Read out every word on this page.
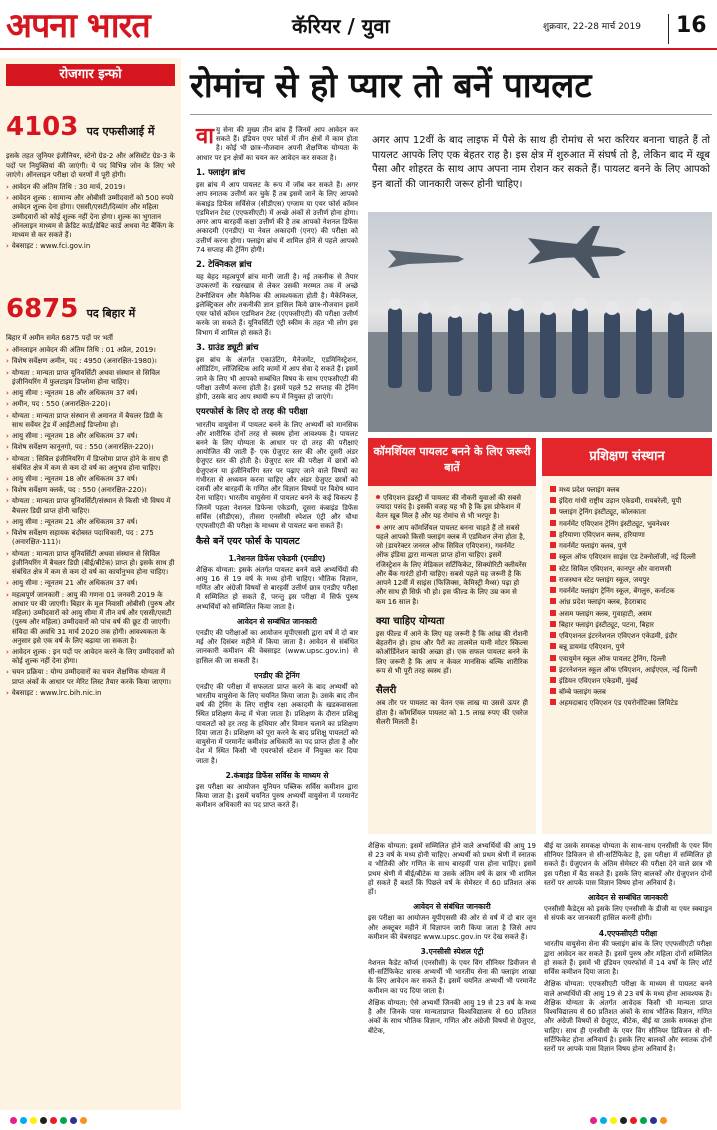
अपना भारत	कॅरियर / युवा	शुक्रवार, 22-28 मार्च 2019 16
रोजगार इन्फो
4103 पद एफसीआई में

इसके तहत जुनियर इंजीनियर, स्टेनो ग्रेड-2 और असिस्टेंट ग्रेड-3 के पदों पर नियुक्तियां की जाएंगी। ये पद विभिन्न जोन के लिए भरे जाएंगे। ऑनलाइन परीक्षा दो चरणों में पूरी होगी।

› आवेदन की अंतिम तिथि : 30 मार्च, 2019।
› आवेदन शुल्क : सामान्य और ओबीसी उम्मीदवारों को 500 रुपये आवेदन शुल्क देना होगा। एससी/एसटी/दिव्यांग और महिला उम्मीदवारों को कोई शुल्क नहीं देना होगा। शुल्क का भुगतान ऑनलाइन माध्यम से क्रेडिट कार्ड/डेबिट कार्ड अथवा नेट बैंकिंग के माध्यम से कर सकते हैं।
› वेबसाइट : www.fci.gov.in
6875 पद बिहार में

बिहार में अमीन समेत 6875 पदों पर भर्ती

› ऑनलाइन आवेदन की अंतिम तिथि : 01 अप्रैल, 2019।
› विशेष सर्वेक्षण अमीन, पद : 4950 (अनारक्षित-1980)।
› योग्यता : मान्यता प्राप्त यूनिवर्सिटी अथवा संस्थान से सिविल इंजीनियरिंग में फुलटाइम डिप्लोमा होना चाहिए।
› आयु सीमा : न्यूनतम 18 और अधिकतम 37 वर्ष।
› अमीन, पद : 550 (अनारक्षित-220)।
› योग्यता : मान्यता प्राप्त संस्थान से अमानत में बैचलर डिग्री के साथ सर्वेयर ट्रेड में आईटीआई डिप्लोमा हो।
› आयु सीमा : न्यूनतम 18 और अधिकतम 37 वर्ष।
› विशेष सर्वेक्षण कानूनगो, पद : 550 (अनारक्षित-220)।
› योग्यता : सिविल इंजीनियरिंग में डिप्लोमा प्राप्त होने के साथ ही संबंधित क्षेत्र में कम से कम दो वर्ष का अनुभव होना चाहिए।
› आयु सीमा : न्यूनतम 18 और अधिकतम 37 वर्ष।
› विशेष सर्वेक्षण क्लर्क, पद : 550 (अनारक्षित-220)।
› योग्यता : मान्यता प्राप्त यूनिवर्सिटी/संस्थान से किसी भी विषय में बैचलर डिग्री प्राप्त होनी चाहिए।
› आयु सीमा : न्यूनतम 21 और अधिकतम 37 वर्ष।
› विशेष सर्वेक्षण सहायक बंदोबस्त पदाधिकारी, पद : 275 (अनारक्षित-111)।
› योग्यता : मान्यता प्राप्त यूनिवर्सिटी अथवा संस्थान से सिविल इंजीनियरिंग में बैचलर डिग्री (बीई/बीटेक) प्राप्त हो। इसके साथ ही संबंधित क्षेत्र में कम से कम दो वर्ष का कार्यानुभव होना चाहिए।
› आयु सीमा : न्यूनतम 21 और अधिकतम 37 वर्ष।
› महत्वपूर्ण जानकारी : आयु की गणना 01 जनवरी 2019 के आधार पर की जाएगी। बिहार के मूल निवासी ओबीसी (पुरुष और महिला) उम्मीदवारों को आयु सीमा में तीन वर्ष और एससी/एसटी (पुरुष और महिला) उम्मीदवारों को पांच वर्ष की छूट दी जाएगी। संविदा की अवधि 31 मार्च 2020 तक होगी। आवश्यकता के अनुसार इसे एक वर्ष के लिए बढ़ाया जा सकता है।
› आवेदन शुल्क : इन पदों पर आवेदन करने के लिए उम्मीदवारों को कोई शुल्क नहीं देना होगा।
› चयन प्रक्रिया : योग्य उम्मीदवारों का चयन शैक्षणिक योग्यता में प्राप्त अंकों के आधार पर मेरिट लिस्ट तैयार करके किया जाएगा।
› वेबसाइट : www.lrc.bih.nic.in
रोमांच से हो प्यार तो बनें पायलट

वायु सेना की मुख्य तीन ब्रांच हैं जिनमें आप आवेदन कर सकते हैं। इंडियन एयर फोर्स में तीन क्षेत्रों में काम होता है। कोई भी छात्र-नौजवान अपनी शैक्षणिक योग्यता के आधार पर इन क्षेत्रों का चयन कर आवेदन कर सकता है।

1. फ्लाइंग ब्रांच

इस ब्रांच में आप पायलट के रूप में जॉब कर सकते हैं। अगर आप स्नातक उत्तीर्ण कर चुके हैं तब इसमें जाने के लिए आपको कंबाइंड डिफेंस सर्विसेज (सीडीएस) एग्जाम या एयर फोर्स कॉमन एडमिशन टेस्ट (एएफसीएटी) में अच्छे अंकों से उत्तीर्ण होना होगा। अगर आप बारहवीं कक्षा उत्तीर्ण की है तब आपको नेशनल डिफेंस अकादमी (एनडीए) या नेवल अकादमी (एनए) की परीक्षा को उत्तीर्ण करना होगा। फ्लाइंग ब्रांच में शामिल होने से पहले आपको 74 सप्ताह की ट्रेनिंग होगी।

2. टेक्निकल ब्रांच

यह बेहद महत्वपूर्ण ब्रांच मानी जाती है। नई तकनीक से तैयार उपकरणों के रखरखाव से लेकर उसकी मरम्मत तक में अच्छे टेक्नीशियन और मैकेनिक की आवश्यकता होती है। मैकेनिकल, इलेक्ट्रिकल और तकनीकी ज्ञान हासिल किये छात्र-नौजवान इसमें एयर फोर्स कॉमन एडमिशन टेस्ट (एएफसीएटी) की परीक्षा उत्तीर्ण करके जा सकते हैं। यूनिवर्सिटी एंट्री स्कीम के तहत भी लोग इस विभाग में शामिल हो सकते हैं।

3. ग्राउंड ड्यूटी ब्रांच

इस ब्रांच के अंतर्गत एकाउंटिंग, मैनेजमेंट, एडमिनिस्ट्रेशन, ऑडिटिंग, लॉजिस्टिक आदि कामों में आप सेवा दे सकते हैं। इसमें जाने के लिए भी आपको सम्बंधित विषय के साथ एएफसीएटी की परीक्षा उत्तीर्ण करना होती है। इसमें पहले 52 सप्ताह की ट्रेनिंग होगी, उसके बाद आप स्थायी रूप में नियुक्त हो जाएंगे।

एयरफोर्स के लिए दो तरह की परीक्षा

भारतीय वायुसेना में पायलट बनने के लिए अभ्यर्थी को मानसिक और शारीरिक दोनों तरह से स्वस्थ होना आवश्यक है। पायलट बनने के लिए योग्यता के आधार पर दो तरह की परीक्षाएं आयोजित की जाती हैं- एक ग्रेजुएट स्तर की और दूसरी अंडर ग्रेजुएट स्तर की होती है। ग्रेजुएट स्तर की परीक्षा में छात्रों को ग्रेजुएशन या इंजीनियरिंग स्तर पर पढ़ाए जाने वाले विषयों का गंभीरता से अध्ययन करना चाहिए और अंडर ग्रेजुएट छात्रों को दसवीं और बारहवीं के गणित और विज्ञान विषयों पर विशेष ध्यान देना चाहिए। भारतीय वायुसेना में पायलट बनने के कई विकल्प हैं जिनमें पहला नेशनल डिफेन्स एकेडमी, दूसरा कंबाइंड डिफेंस सर्विस (सीडीएस), तीसरा एनसीसी स्पेशल एंट्री और चौथा एएफसीएटी की परीक्षा के माध्यम से पायलट बना सकते हैं।

कैसे बनें एयर फोर्स के पायलट
1.नेशनल डिफेंस एकेडमी (एनडीए)

शैक्षिक योग्यता: इसके अंतर्गत पायलट बनने वाले अभ्यर्थियों की आयु 16 से 19 वर्ष के मध्य होनी चाहिए। भौतिक विज्ञान, गणित और अंग्रेजी विषयों से बारहवीं उत्तीर्ण छात्र एनडीए परीक्षा में सम्मिलित हो सकते हैं, परन्तु इस परीक्षा में सिर्फ पुरुष अभ्यर्थियों को सम्मिलित किया जाता है।

आवेदन से सम्बंधित जानकारी

एनडीए की परीक्षाओं का आयोजन यूपीएससी द्वारा वर्ष में दो बार मई और दिसंबर महीने में किया जाता है। आवेदन से संबंधित जानकारी कमीशन की वेबसाइट (www.upsc.gov.in) से हासिल की जा सकती है।

एनडीए की ट्रेनिंग

एनडीए की परीक्षा में सफलता प्राप्त करने के बाद अभ्यर्थी को भारतीय वायुसेना के लिए चयनित किया जाता है। उसके बाद तीन वर्ष की ट्रेनिंग के लिए राष्ट्रीय रक्षा अकादमी के खडकवासला स्थित प्रशिक्षण केन्द्र में भेजा जाता है। प्रशिक्षण के दौरान प्रशिक्षु पायलटों को हर तरह के हथियार और विमान चलाने का प्रशिक्षण दिया जाता है। प्रशिक्षण को पूरा करने के बाद प्रशिक्षु पायलटों को वायुसेना में परमानेंट कमीशंड अधिकारी का पद प्राप्त होता है और देश में स्थित किसी भी एयरफोर्स स्टेशन में नियुक्त कर दिया जाता है।

2.कंबाइंड डिफेंस सर्विस के माध्यम से

इस परीक्षा का आयोजन यूनियन पब्लिक सर्विस कमीशन द्वारा किया जाता है। इसमें चयनित पुरुष अभ्यर्थी वायुसेना में परमानेंट कमीशन अधिकारी का पद प्राप्त करते हैं।

अगर आप 12वीं के बाद लाइफ में पैसे के साथ ही रोमांच से भरा करियर बनाना चाहते हैं तो पायलट आपके लिए एक बेहतर राह है। इस क्षेत्र में शुरुआत में संघर्ष तो है, लेकिन बाद में खूब पैसा और शोहरत के साथ आप अपना नाम रोशन कर सकते हैं। पायलट बनने के लिए आपको इन बातों की जानकारी जरूर होनी चाहिए।
कॉमर्शियल पायलट बनने के लिए जरूरी बातें
एविएशन इंडस्ट्री में पायलट की नौकरी युवाओं की सबसे ज्यादा पसंद है। इसकी वजह यह भी है कि इस प्रोफेशन में वेतन खूब मिल है और यह रोमांच से भी भरपूर है।
अगर आप कॉमर्शियल पायलट बनना चाहते हैं तो सबसे पहले आपको किसी फ्लाइंग क्लब में एडमिशन लेना होता है, जो (डायरेक्टर जनरल ऑफ सिविल एविएशन), गवर्नमेंट ऑफ इंडिया द्वारा मान्यता प्राप्त होना चाहिए। इसमें रजिस्ट्रेशन के लिए मेडिकल सर्टिफिकेट, सिक्योरिटी क्लीयरेंस और बैंक गारंटी होनी चाहिए। सबसे पहले यह जरूरी है कि आपने 12वीं में साइंस (फिजिक्स, केमिस्ट्री मैथ्स) पढ़ा हो और साथ ही सिर्फ़ भी हो। इस फील्ड के लिए उम्र कम से कम 16 साल है।
क्या चाहिए योग्यता

इस फील्ड में आने के लिए यह जरूरी है कि आंख की रोशनी बेहतरीन हो। हाथ और पैरों का तालमेल यानी मोटर स्किल्स कोऑर्डिनेशन काफी अच्छा हो। एक सफल पायलट बनने के लिए जरूरी है कि आप न केवल मानसिक बल्कि शारीरिक रूप से भी पूरी तरह स्वस्थ हों।

सैलरी

अब तौर पर पायलट का वेतन एक लाख या उससे ऊपर ही होता है। कॉमर्शियल पायलट को 1.5 लाख रुपए की एवरेज सैलरी मिलती है।

प्रशिक्षण संस्थान
मध्य प्रदेश फ्लाइंग क्लब
इंदिरा गांधी राष्ट्रीय उड़ान एकेडमी, रायबरेली, यूपी
फ्लाइंग ट्रेनिंग इंस्टीट्यूट, कोलकाता
गवर्नमेंट एविएशन ट्रेनिंग इंस्टीट्यूट, भुवनेश्वर
हरियाणा एविएशन क्लब, हरियाणा
गवर्नमेंट फ्लाइंग क्लब, पुणे
स्कूल ऑफ एविएशन साइंस एंड टेक्नोलॉजी, नई दिल्ली
स्टेट सिविल एविएशन, कानपुर और वाराणसी
राजस्थान स्टेट फ्लाइंग स्कूल, जयपुर
गवर्नमेंट फ्लाइंग ट्रेनिंग स्कूल, बेंगलुरु, कर्नाटक
आंध्र प्रदेश फ्लाइंग क्लब, हैदराबाद
असम फ्लाइंग क्लब, गुवाहाटी, असम
बिहार फ्लाइंग इंस्टीट्यूट, पटना, बिहार
एविएशनल इंटरनेशनल एविएशन एकेडमी, इंदौर
बन्नू डायमंड एविएशन, पुणे
एवायुमेन स्कूल ऑफ पायलट ट्रेनिंग, दिल्ली
इंटरनेशनल स्कूल ऑफ एविएशन, आईएएल, नई दिल्ली
इंडियन एविएशन एकेडमी, मुंबई
बॉम्बे फ्लाइंग क्लब
अहमदाबाद एविएशन एंड एयरोनॉटिक्स लिमिटेड

शैक्षिक योग्यता: इसमें सम्मिलित होने वाले अभ्यर्थियों की आयु 19 से 23 वर्ष के मध्य होनी चाहिए। अभ्यर्थी को प्रथम श्रेणी में स्नातक व भौतिकी और गणित के साथ बारहवीं पास होना चाहिए। इसमें प्रथम श्रेणी में बीई/बीटेक या उसके अंतिम वर्ष के छात्र भी शामिल हो सकते हैं बशर्ते कि पिछले वर्ष के सेमेस्टर में 60 प्रतिशत अंक हों।

आवेदन से संबंधित जानकारी

इस परीक्षा का आयोजन यूपीएससी की ओर से वर्ष में दो बार जून और अक्टूबर महीने में विज्ञापन जारी किया जाता है जिसे आप कमीशन की वेबसाइट www.upsc.gov.in पर देख सकते हैं।

3.एनसीसी स्पेशल एंट्री

नेशनल कैडेट कॉर्प्स (एनसीसी) के एयर विंग सीनियर डिवीजन से सी-सर्टिफिकेट धारक अभ्यर्थी भी भारतीय सेना की फ्लाइंग शाखा के लिए आवेदन कर सकते हैं। इसमें चयनित अभ्यर्थी भी परमानेंट कमीशन का पद दिया जाता है।

शैक्षिक योग्यता: ऐसे अभ्यर्थी जिनकी आयु 19 से 23 वर्ष के मध्य है और जिनके पास मान्यताप्राप्त विश्वविद्यालय से 60 प्रतिशत अंकों के साथ भौतिक विज्ञान, गणित और अंग्रेजी विषयों से ग्रेजुएट, बीटेक,

बीई या उसके समकक्ष योग्यता के साथ-साथ एनसीसी के एयर विंग सीनियर डिविजन से सी-सर्टिफिकेट है, इस परीक्षा में सम्मिलित हो सकते हैं। ग्रेजुएशन के अंतिम सेमेस्टर की परीक्षा देने वाले छात्र भी इस परीक्षा में बैठ सकते हैं। इसके लिए बालकों और ग्रेजुएशन दोनों स्तरों पर आपके पास विज्ञान विषय होना अनिवार्य है।

आवेदन से सम्बंधित जानकारी

एनसीसी कैडेट्स को इसके लिए एनसीसी के डीजी या एयर स्क्वाड्रन से संपर्क कर जानकारी हासिल करनी होगी।

4.एएफसीएटी परीक्षा

भारतीय वायुसेना सेना की फ्लाइंग ब्रांच के लिए एएफसीएटी परीक्षा द्वारा आवेदन कर सकते हैं। इसमें पुरुष और महिला दोनों सम्मिलित हो सकते हैं। इसमें भी इंडियन एयरफोर्स में 14 वर्षों के लिए शॉर्ट सर्विस कमीशन दिया जाता है।

शैक्षिक योग्यता: एएफसीएटी परीक्षा के माध्यम से पायलट बनने वाले अभ्यर्थियों की आयु 19 से 23 वर्ष के मध्य होना आवश्यक है। शैक्षिक योग्यता के अंतर्गत आवेदक किसी भी मान्यता प्राप्त विश्वविद्यालय से 60 प्रतिशत अंकों के साथ भौतिक विज्ञान, गणित और अंग्रेजी विषयों से ग्रेजुएट, बीटेक, बीई या उसके समकक्ष होना चाहिए। साथ ही एनसीसी के एयर विंग सीनियर डिविजन से सी-सर्टिफिकेट होना अनिवार्य है। इसके लिए बालकों और स्नातक दोनों स्तरों पर आपके पास विज्ञान विषय होना अनिवार्य है।
